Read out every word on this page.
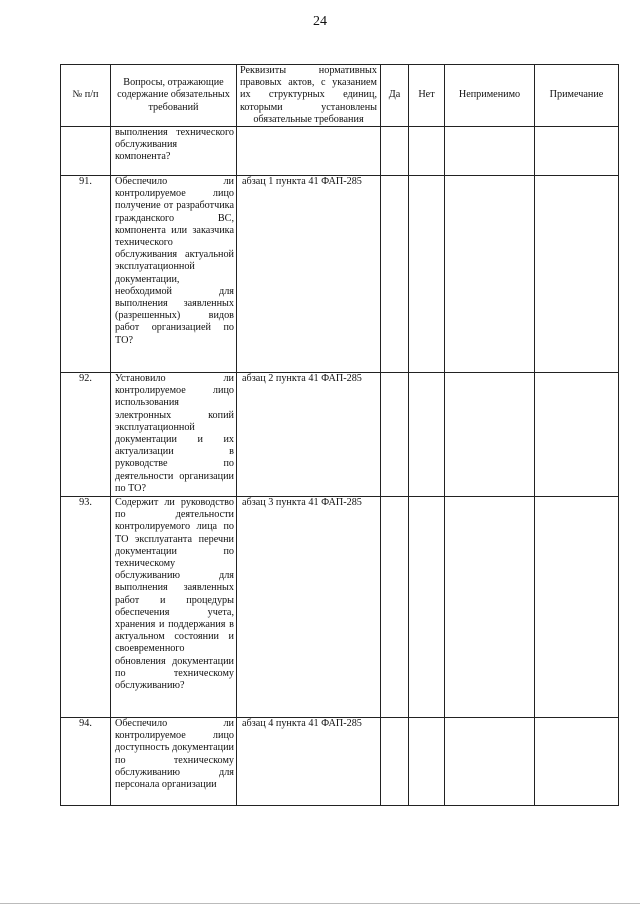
24
№ п/п	Вопросы, отражающие содержание обязательных требований	Реквизиты нормативных правовых актов, с указанием их структурных единиц, которыми установлены обязательные требования	Да	Нет	Неприменимо	Примечание
	выполнения технического обслуживания компонента?					
91.	Обеспечило ли контролируемое лицо получение от разработчика гражданского ВС, компонента или заказчика технического обслуживания актуальной эксплуатационной документации, необходимой для выполнения заявленных (разрешенных) видов работ организацией по ТО?	абзац 1 пункта 41 ФАП-285				
92.	Установило ли контролируемое лицо использования электронных копий эксплуатационной документации и их актуализации в руководстве по деятельности организации по ТО?	абзац 2 пункта 41 ФАП-285				
93.	Содержит ли руководство по деятельности контролируемого лица по ТО эксплуатанта перечни документации по техническому обслуживанию для выполнения заявленных работ и процедуры обеспечения учета, хранения и поддержания в актуальном состоянии и своевременного обновления документации по техническому обслуживанию?	абзац 3 пункта 41 ФАП-285				
94.	Обеспечило ли контролируемое лицо доступность документации по техническому обслуживанию для персонала организации	абзац 4 пункта 41 ФАП-285				
